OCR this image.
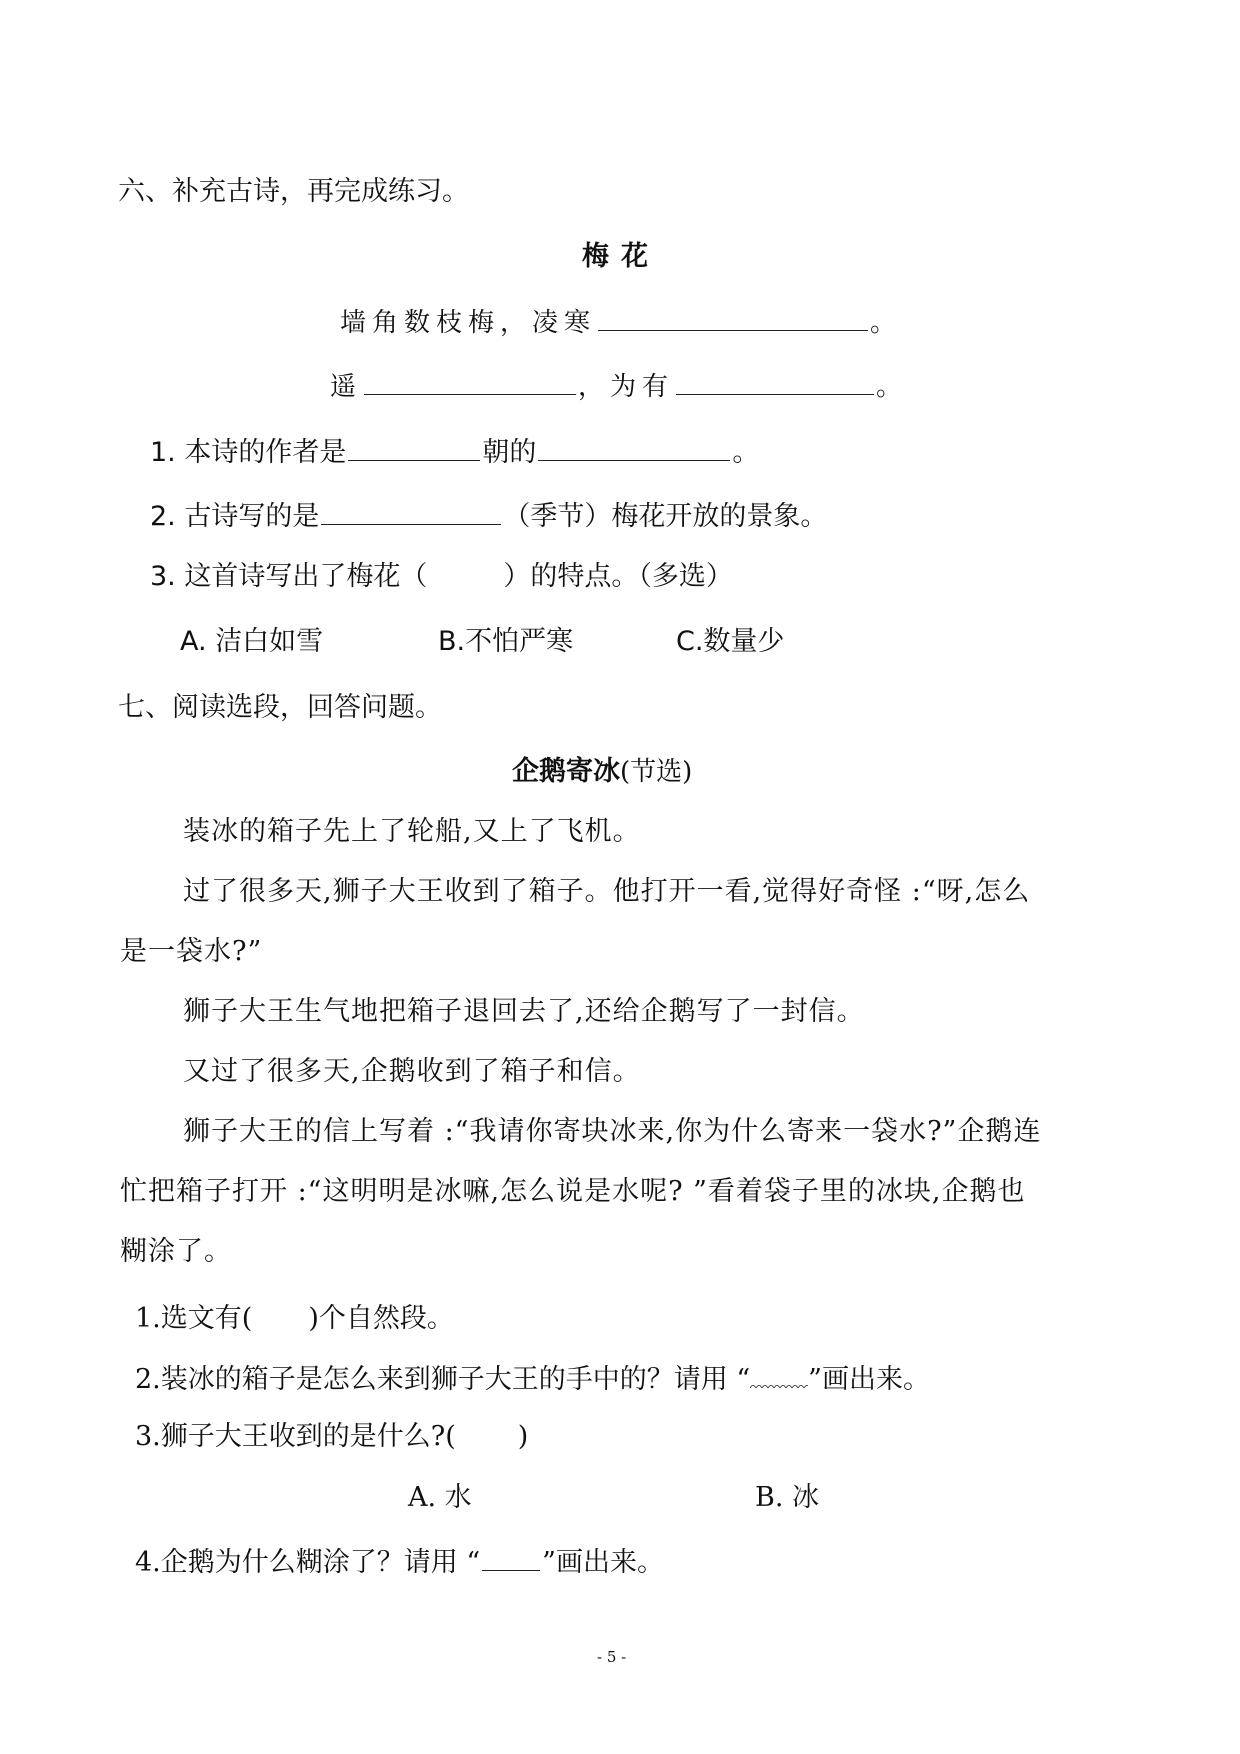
六、补充古诗，再完成练习。
梅花
墙角数枝梅，凌寒	。
遥	，为有	。
1. 本诗的作者是	朝的	。
2. 古诗写的是	（季节）梅花开放的景象。
3. 这首诗写出了梅花（	）的特点。（多选）
A. 洁白如雪	B.不怕严寒	C.数量少
七、阅读选段，回答问题。
企鹅寄冰(节选)
装冰的箱子先上了轮船,又上了飞机。
过了很多天,狮子大王收到了箱子。他打开一看,觉得好奇怪 :“呀,怎么
是一袋水?”
狮子大王生气地把箱子退回去了,还给企鹅写了一封信。
又过了很多天,企鹅收到了箱子和信。
狮子大王的信上写着 :“我请你寄块冰来,你为什么寄来一袋水?”企鹅连
忙把箱子打开 :“这明明是冰嘛,怎么说是水呢? ”看着袋子里的冰块,企鹅也
糊涂了。
1.选文有( )个自然段。
2.装冰的箱子是怎么来到狮子大王的手中的？请用 “ ”画出来。
3.狮子大王收到的是什么?( )
A. 水	B. 冰
4.企鹅为什么糊涂了？请用 “ ”画出来。
- 5 -
